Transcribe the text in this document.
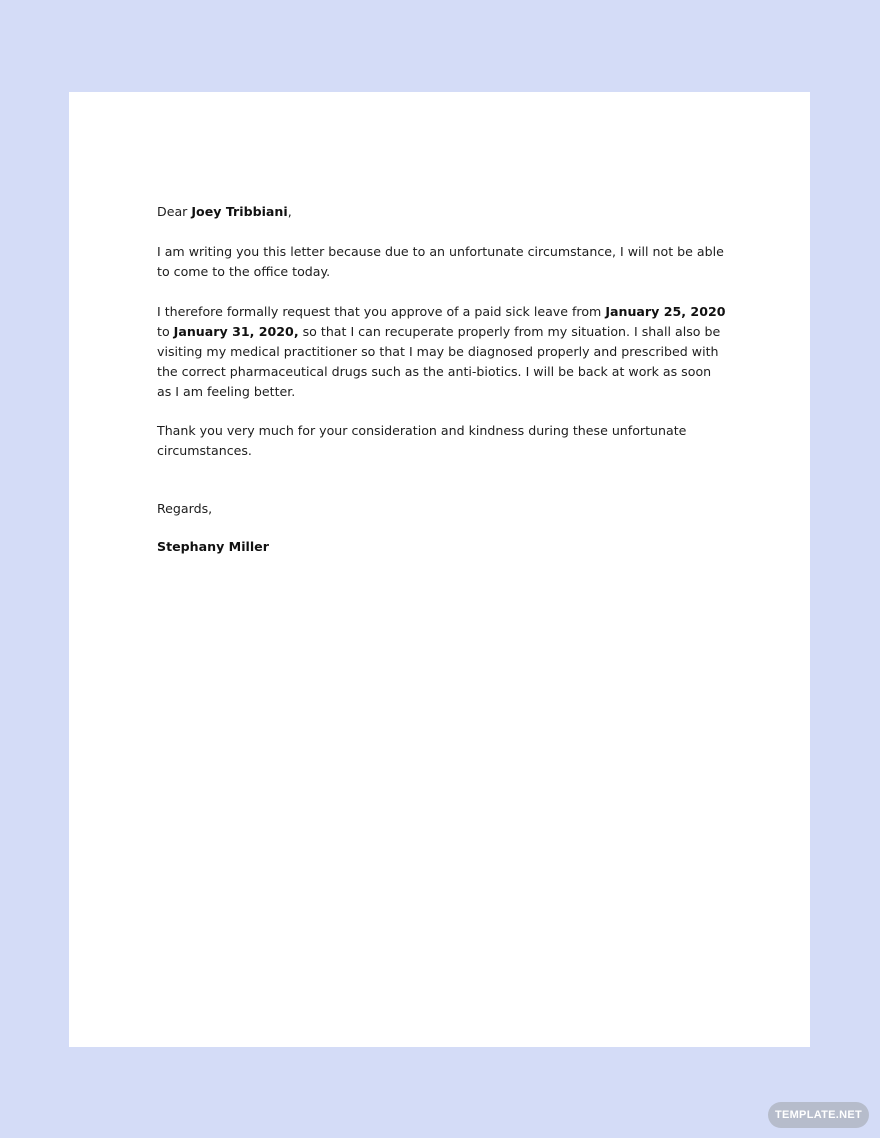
Dear Joey Tribbiani,

I am writing you this letter because due to an unfortunate circumstance, I will not be able to come to the office today.

I therefore formally request that you approve of a paid sick leave from January 25, 2020 to January 31, 2020, so that I can recuperate properly from my situation. I shall also be visiting my medical practitioner so that I may be diagnosed properly and prescribed with the correct pharmaceutical drugs such as the anti-biotics. I will be back at work as soon as I am feeling better.

Thank you very much for your consideration and kindness during these unfortunate circumstances.

Regards,

Stephany Miller

TEMPLATE.NET
